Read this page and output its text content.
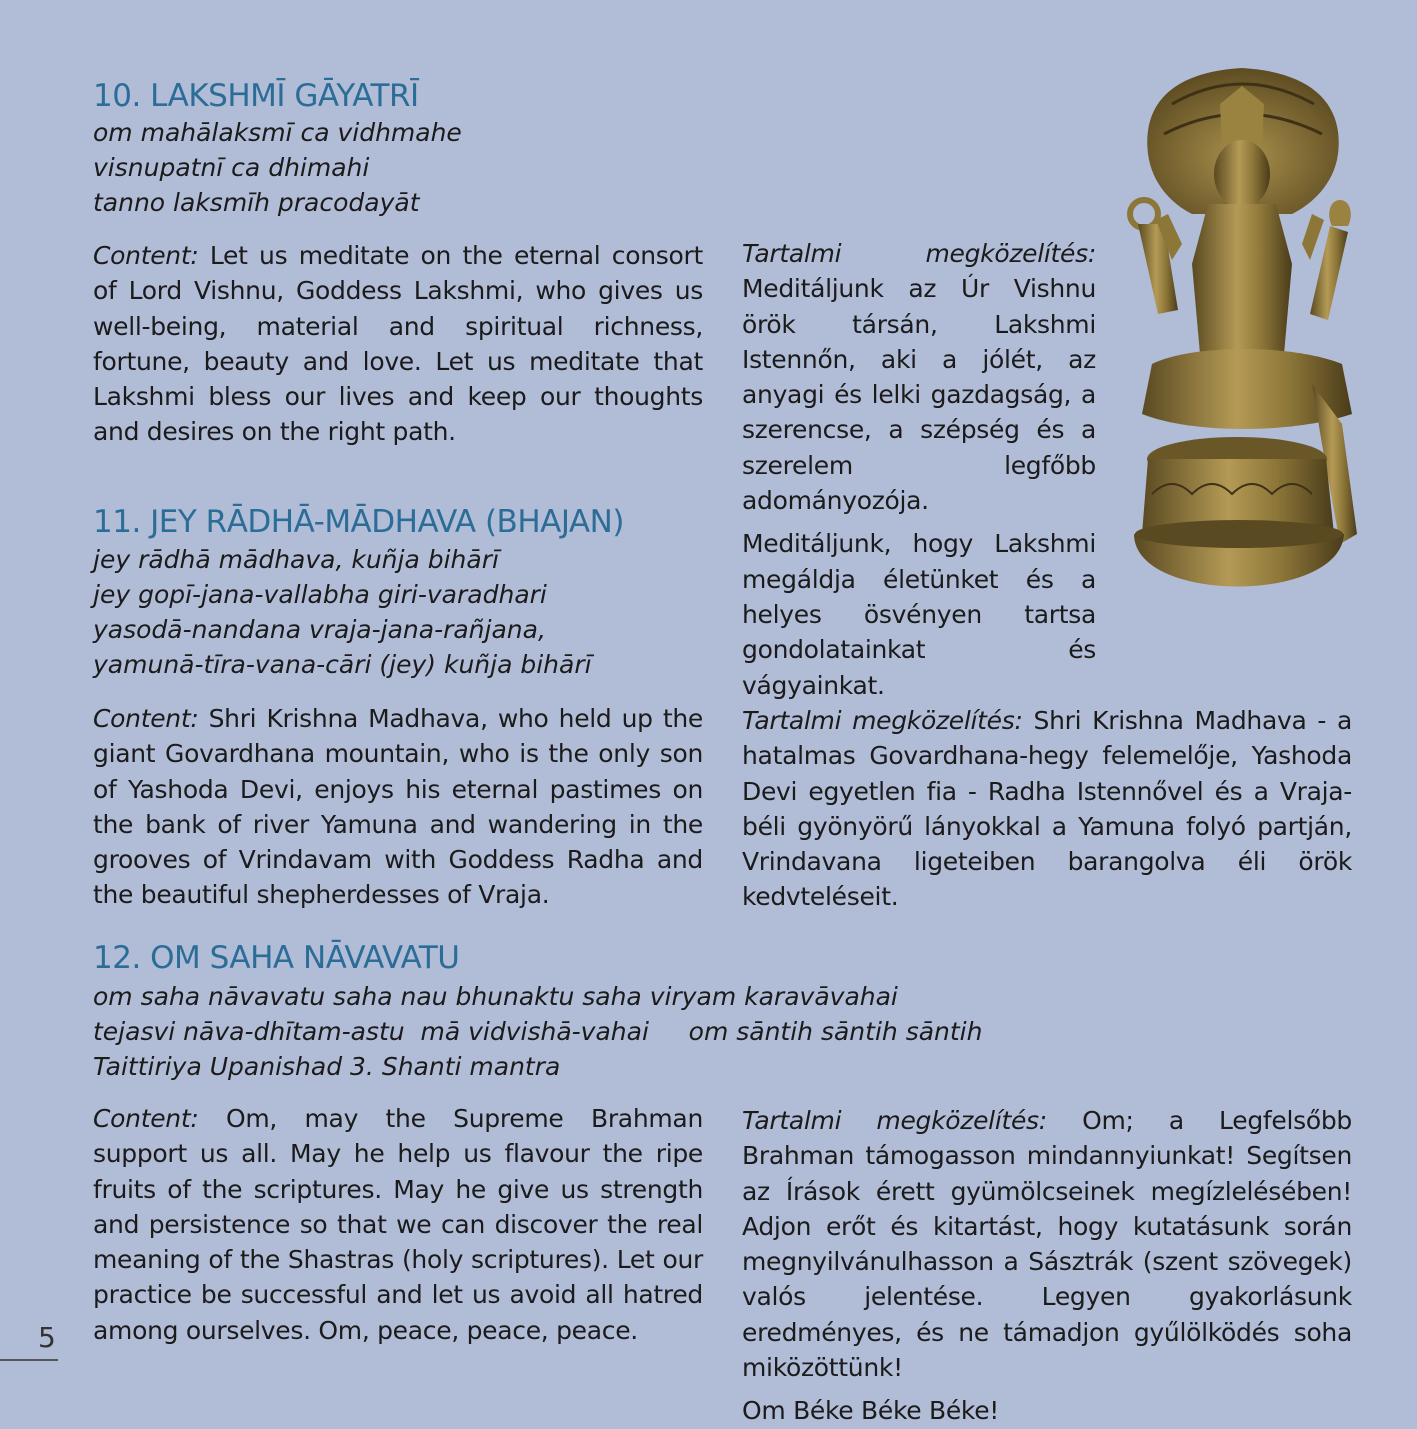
10. LAKSHMĪ GĀYATRĪ
om mahālaksmī ca vidhmahe
visnupatnī ca dhimahi
tanno laksmīh pracodayāt

Content: Let us meditate on the eternal consort of Lord Vishnu, Goddess Lakshmi, who gives us well-being, material and spiritual richness, fortune, beauty and love. Let us meditate that Lakshmi bless our lives and keep our thoughts and desires on the right path.

Tartalmi megközelítés: Meditáljunk az Úr Vishnu örök társán, Lakshmi Istennőn, aki a jólét, az anyagi és lelki gazdagság, a szerencse, a szépség és a szerelem legfőbb adományozója.

Meditáljunk, hogy Lakshmi megáldja életünket és a helyes ösvényen tartsa gondolatainkat és vágyainkat.

11. JEY RĀDHĀ-MĀDHAVA (BHAJAN)
jey rādhā mādhava, kuñja bihārī
jey gopī-jana-vallabha giri-varadhari
yasodā-nandana vraja-jana-rañjana,
yamunā-tīra-vana-cāri (jey) kuñja bihārī

Content: Shri Krishna Madhava, who held up the giant Govardhana mountain, who is the only son of Yashoda Devi, enjoys his eternal pastimes on the bank of river Yamuna and wandering in the grooves of Vrindavam with Goddess Radha and the beautiful shepherdesses of Vraja.

Tartalmi megközelítés: Shri Krishna Madhava - a hatalmas Govardhana-hegy felemelője, Yashoda Devi egyetlen fia - Radha Istennővel és a Vraja-béli gyönyörű lányokkal a Yamuna folyó partján, Vrindavana ligeteiben barangolva éli örök kedvteléseit.

12. OM SAHA NĀVAVATU
om saha nāvavatu saha nau bhunaktu saha viryam karavāvahai
tejasvi nāva-dhītam-astu  mā vidvishā-vahai     om sāntih sāntih sāntih
Taittiriya Upanishad 3. Shanti mantra

Content: Om, may the Supreme Brahman support us all. May he help us flavour the ripe fruits of the scriptures. May he give us strength and persistence so that we can discover the real meaning of the Shastras (holy scriptures). Let our practice be successful and let us avoid all hatred among ourselves. Om, peace, peace, peace.

Tartalmi megközelítés: Om; a Legfelsőbb Brahman támogasson mindannyiunkat! Segítsen az Írások érett gyümölcseinek megízlelésében! Adjon erőt és kitartást, hogy kutatásunk során megnyilvánulhasson a Sásztrák (szent szövegek) valós jelentése. Legyen gyakorlásunk eredményes, és ne támadjon gyűlölködés soha miközöttünk!

Om Béke Béke Béke!

5
